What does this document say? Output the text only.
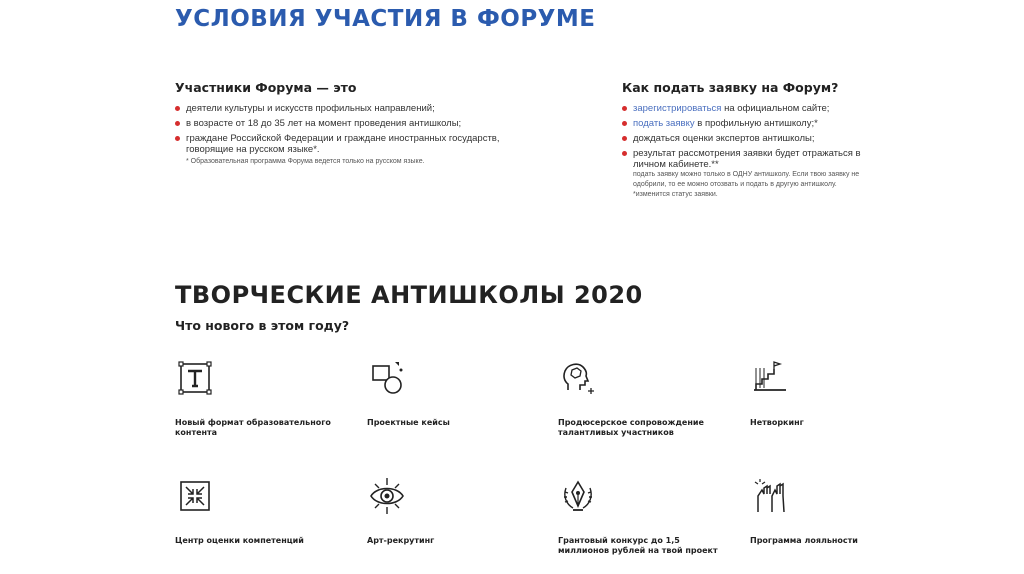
УСЛОВИЯ УЧАСТИЯ В ФОРУМЕ
Участники Форума — это
деятели культуры и искусств профильных направлений;
в возрасте от 18 до 35 лет на момент проведения антишколы;
граждане Российской Федерации и граждане иностранных государств, говорящие на русском языке*.
* Образовательная программа Форума ведется только на русском языке.
Как подать заявку на Форум?
зарегистрироваться на официальном сайте;
подать заявку в профильную антишколу;*
дождаться оценки экспертов антишколы;
результат рассмотрения заявки будет отражаться в личном кабинете.**
подать заявку можно только в ОДНУ антишколу. Если твою заявку не одобрили, то ее можно отозвать и подать в другую антишколу.
*изменится статус заявки.
ТВОРЧЕСКИЕ АНТИШКОЛЫ 2020
Что нового в этом году?
Новый формат образовательного контента
Проектные кейсы	Продюсерское сопровождение талантливых участников
Нетворкинг
Центр оценки компетенций	Арт-рекрутинг	Грантовый конкурс до 1,5 миллионов рублей на твой проект
Программа лояльности
